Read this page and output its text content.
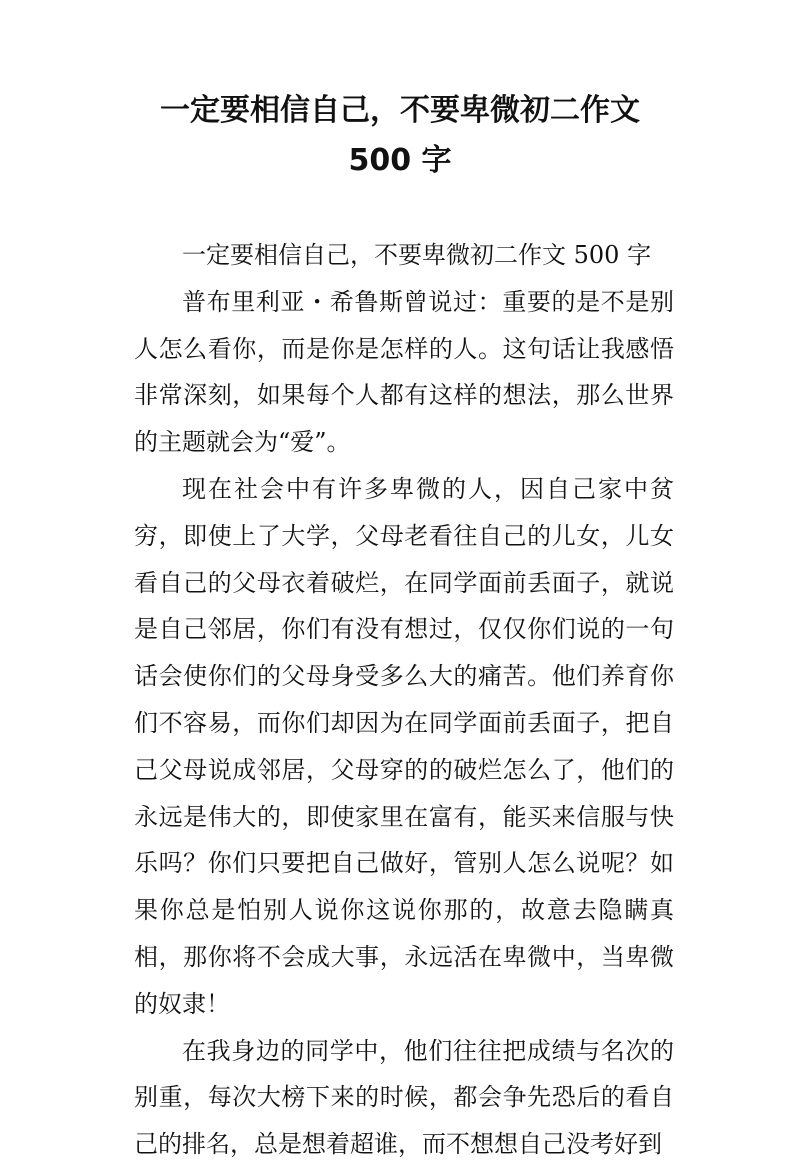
一定要相信自己，不要卑微初二作文
500 字

一定要相信自己，不要卑微初二作文 500 字

普布里利亚・希鲁斯曾说过：重要的是不是别人怎么看你，而是你是怎样的人。这句话让我感悟非常深刻，如果每个人都有这样的想法，那么世界的主题就会为“爱”。

现在社会中有许多卑微的人，因自己家中贫穷，即使上了大学，父母老看往自己的儿女，儿女看自己的父母衣着破烂，在同学面前丢面子，就说是自己邻居，你们有没有想过，仅仅你们说的一句话会使你们的父母身受多么大的痛苦。他们养育你们不容易，而你们却因为在同学面前丢面子，把自己父母说成邻居，父母穿的的破烂怎么了，他们的永远是伟大的，即使家里在富有，能买来信服与快乐吗？你们只要把自己做好，管别人怎么说呢？如果你总是怕别人说你这说你那的，故意去隐瞒真相，那你将不会成大事，永远活在卑微中，当卑微的奴隶！

在我身边的同学中，他们往往把成绩与名次的别重，每次大榜下来的时候，都会争先恐后的看自己的排名，总是想着超谁，而不想想自己没考好到
